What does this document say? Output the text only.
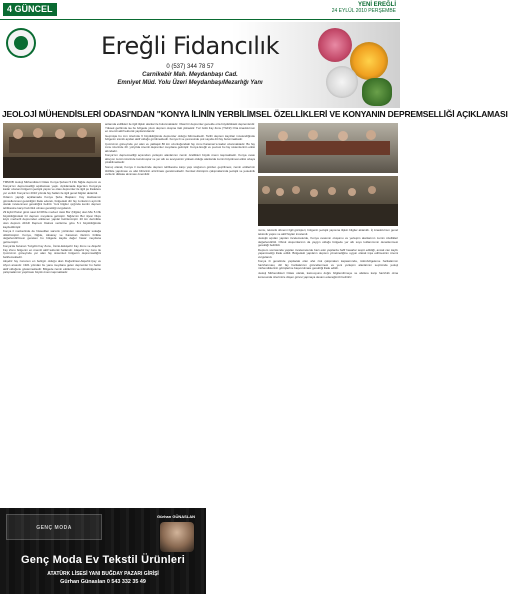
4 GÜNCEL	YENİ EREĞLİ
24 EYLÜL 2010 PERŞEMBE
Ereğli Fidancılık
0 (537) 344 78 57
Carnikebir Mah. Meydanbaşı Cad.
Emniyet Müd. Yolu Üzeri MeydanbaşıMezarlığı Yanı
JEOLOJİ MÜHENDİSLERİ ODASI'NDAN "KONYA İLİNİN YERBİLİMSEL ÖZELLİKLERİ VE KONYANIN DEPREMSELLİĞİ AÇIKLAMASI

TMMOB Jeoloji Mühendisleri Odası Konya Şubesi 5.1'lik Niğde depremi ve Konya'nın depremselliği açıklaması yaptı. Açıklamada Ege'den Konya'ya kadar uzanan bölgenin jeolojik yapısı ve olası depremler ile ilgili şu ifadelere yer verildi: Konya'nın 2010 yılında fay hatları ile ilgili genel bilgiler aktarıldı.

Odanın yaptığı açıklamada Konya Şube Başkanı: Fay Haritasının güncellenmesi gerektiğini ifade ederek, bölgedeki diri fay zonlarının ayrıntılı olarak incelenmesi gerektiğini belirtti. Yeni bilgiler ışığında kentin deprem tehlikesine karşı hazırlıklı olması gerektiği vurgulandı.

29 Eylül Pazar günü saat 22:08'de merkez üssü Bor (Niğde) olan Mw 5.1'lik büyüklüğündeki bir deprem meydana gelmiştir. Niğde'nin Bor ilçesi Okçu köyü merkezli depremden etkilenen yapılar belirlenmiştir. 20 km derinlikte olan deprem AFAD Deprem Dairesi verilerine göre 5.1 büyüklüğünde kaydedilmiştir.

Konya il merkezinde de hissedilen sarsıntı yüzünden vatandaşlar sokağa dökülmüştür. Konya, Niğde, Aksaray ve Karaman illerinin birlikte değerlendirilmesi gereken bu bölgede kayda değer hasar meydana gelmemiştir.

Konya'da bulunan Tuzgölü Fay Zonu, İnönü-Eskişehir Fay Zonu ve Akşehir Fay Zonu bölgenin en önemli aktif tektonik hatlarıdır. Alaşehir fay zonu ile Çumra'nın güneyinde yer alan fay sistemleri bölgenin depremselliğini belirlemektedir.

Akşehir fay zonunun en belirgin olduğu alan Doğanhisar-Akşehir-Çay ve Afyon arasıdır. 1921 yılından bu yana meydana gelen depremler bu hattın aktif olduğunu göstermektedir. Bölgede zemin etütlerinin ve mikrobölgeleme çalışmalarının yapılması büyük önem taşımaktadır.

anlamda evlilikleri ile ilgili ilişkin alanlar ile bulunmaktadır. Olasi bir depremler genelde orta büyüklükteki depremlerdir. Yüksek gerilimde ise bu bölgede yıkıcı deprem oluşma riski yüksektir. Tuz Gölü Fay Zonu (TGFZ) Orta Anadolu'nun en önemli aktif tektonik yapılarındandır.

Geçmişte bu zon üzerinde 6 büyüklüğünde depremler olduğu bilinmektedir. Tarihi deprem kayıtları incelendiğinde bölgenin sismik açıdan aktif olduğu görülmektedir. Konya ili ve çevresinde çok sayıda diri fay bulunmaktadır.

Çumra'nın güneyinde yer alan ve yaklaşık 80 km uzunluğundaki fay zonu Karaman'a kadar uzanmaktadır. Bu fay zonu üzerinde 20. yüzyılda önemli depremler meydana gelmiştir. Konya Ereğli ve çevresi bu fay sistemlerinin etkisi altındadır.

Konya'nın depremselliği açısından yerleşim alanlarının zemin özellikleri büyük önem taşımaktadır. Konya ovası alüvyon zemin üzerinde kurulmuştur ve yer altı su seviyesinin yüksek olduğu alanlarda zemin büyütmesi etkisi ortaya çıkabilmektedir.

Sonuç olarak, Konya il merkezinde deprem tehlikesine karşı yapı stoğunun gözden geçirilmesi, zemin etütlerinin titizlikle yapılması ve afet bilincinin artırılması gerekmektedir. Kentsel dönüşüm çalışmalarında jeolojik ve jeoteknik verilerin dikkate alınması önemlidir.

numu, tektonik dönemi ilgili görüşleri, bölgenin jeolojik yapısına ilişkin bilgiler aktarıldı. İç Anadolu'nun genel tektonik yapısı ve aktif fayları incelendi.

Jeolojik açıdan yapılan incelemelerde, Konya ovasının oluşumu ve yerleşim alanlarının zemin özellikleri değerlendirildi. Obruk oluşumlarının da yaygın olduğu bölgede yer altı suyu kullanımının denetlenmesi gerektiği belirtildi.

Deprem sonrasında yapılan incelemelerde bazı eski yapılarda hafif hasarlar tespit edildiği, ancak can kaybı yaşanmadığı ifade edildi. Bölgedeki yapıların deprem yönetmeliğine uygun olarak inşa edilmesinin önemi vurgulandı.

Konya ili genelinde yapılacak olan afet risk çalışmaları kapsamında, mikrobölgeleme haritalarının hazırlanması, diri fay haritalarının güncellenmesi ve yeni yerleşim alanlarının seçiminde jeoloji mühendislerinin görüşlerine başvurulması gerektiği ifade edildi.

Jeoloji Mühendisleri Odası olarak, kamuoyunu doğru bilgilendirmeye ve afetlere karşı hazırlıklı olma konusunda üzerimize düşen görevi yapmaya devam edeceğimizi belirtiriz.

GENÇ MODA
Gürhan GÜNASLAN
Genç Moda Ev Tekstil Ürünleri
ATATÜRK LİSESİ YANI BUĞDAY PAZARI GİRİŞİ
Gürhan Günaslan 0 543 332 35 49
